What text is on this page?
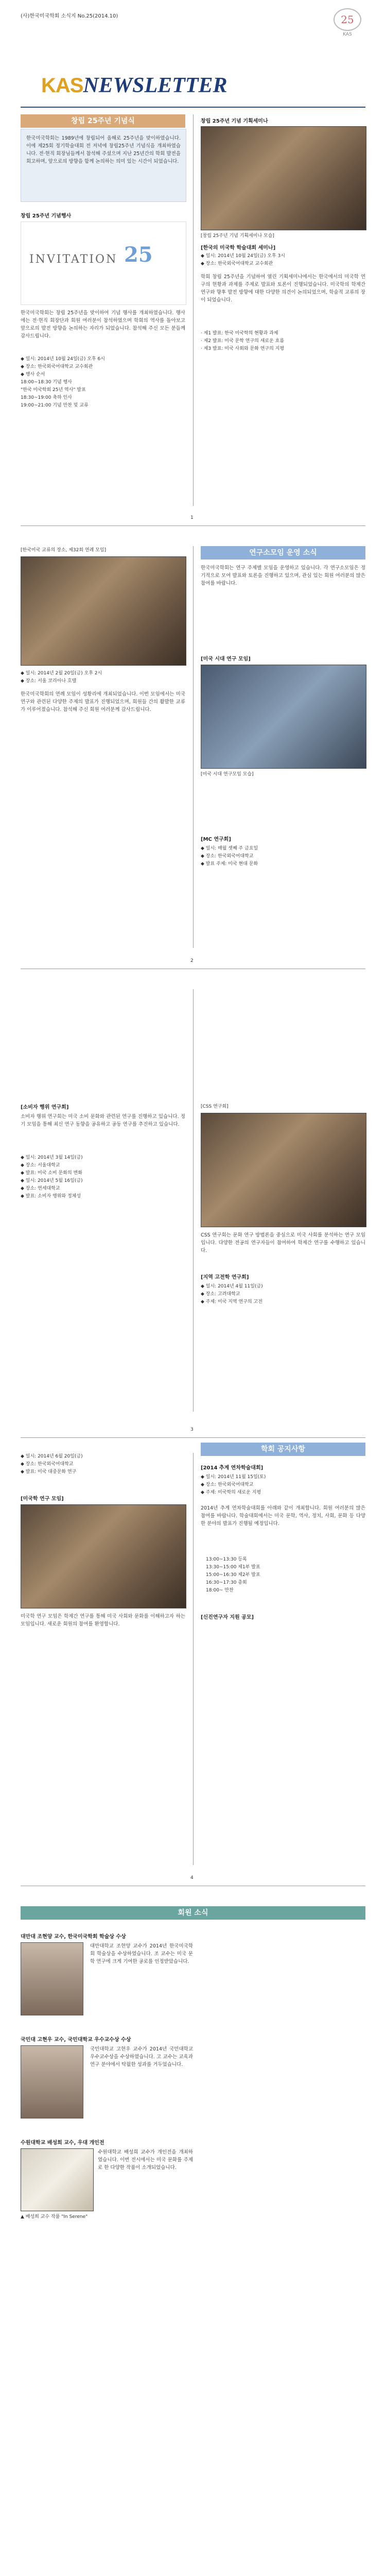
(사)한국미국학회 소식지 No.25(2014.10)	25
KAS
KAS NEWSLETTER
창립 25주년 기념식
한국미국학회는 1989년에 창립되어 올해로 25주년을 맞이하였습니다. 이에 제25회 정기학술대회 전 저녁에 창립25주년 기념식을 개최하였습니다. 전·현직 회장님들께서 참석해 주셨으며 지난 25년간의 학회 발전을 회고하며, 앞으로의 방향을 함께 논의하는 의미 있는 시간이 되었습니다.
창립 25주년 기념행사
INVITATION 25
한국미국학회는 창립 25주년을 맞이하여 기념 행사를 개최하였습니다. 행사에는 전·현직 회장단과 회원 여러분이 참석하였으며 학회의 역사를 돌아보고 앞으로의 발전 방향을 논의하는 자리가 되었습니다. 참석해 주신 모든 분들께 감사드립니다.
◆ 일시: 2014년 10월 24일(금) 오후 6시
◆ 장소: 한국외국어대학교 교수회관
◆ 행사 순서
18:00~18:30 기념 행사
"한국 미국학회 25년 역사" 발표
18:30~19:00 축하 인사
19:00~21:00 기념 만찬 및 교류
창립 25주년 기념 기획세미나
[창립 25주년 기념 기획세미나 모습]
[한국의 미국학 학술대회 세미나]
◆ 일시: 2014년 10월 24일(금) 오후 3시
◆ 장소: 한국외국어대학교 교수회관
학회 창립 25주년을 기념하여 열린 기획세미나에서는 한국에서의 미국학 연구의 현황과 과제를 주제로 발표와 토론이 진행되었습니다. 미국학의 학제간 연구와 향후 발전 방향에 대한 다양한 의견이 논의되었으며, 학술적 교류의 장이 되었습니다.
· 제1 발표: 한국 미국학의 현황과 과제
· 제2 발표: 미국 문학 연구의 새로운 흐름
· 제3 발표: 미국 사회와 문화 연구의 지평
1
[한국미국 교류의 장소, 제32회 연례 모임]
◆ 일시: 2014년 2월 20일(금) 오후 2시
◆ 장소: 서울 코리아나 호텔
한국미국학회의 연례 모임이 성황리에 개최되었습니다. 이번 모임에서는 미국 연구와 관련된 다양한 주제의 발표가 진행되었으며, 회원들 간의 활발한 교류가 이루어졌습니다. 참석해 주신 회원 여러분께 감사드립니다.
연구소모임 운영 소식
한국미국학회는 연구 주제별 모임을 운영하고 있습니다. 각 연구소모임은 정기적으로 모여 발표와 토론을 진행하고 있으며, 관심 있는 회원 여러분의 많은 참여를 바랍니다.
[미국 시대 연구 모임]
[미국 시대 연구모임 모습]
[MC 연구회]
◆ 일시: 매월 셋째 주 금요일
◆ 장소: 한국외국어대학교
◆ 발표 주제: 미국 현대 문화
2
[소비자 행위 연구회]
소비자 행위 연구회는 미국 소비 문화와 관련된 연구를 진행하고 있습니다. 정기 모임을 통해 최신 연구 동향을 공유하고 공동 연구를 추진하고 있습니다.
◆ 일시: 2014년 3월 14일(금)
◆ 장소: 서울대학교
◆ 발표: 미국 소비 문화의 변화
◆ 일시: 2014년 5월 16일(금)
◆ 장소: 연세대학교
◆ 발표: 소비자 행위와 정체성
[CSS 연구회]
CSS 연구회는 문화 연구 방법론을 중심으로 미국 사회를 분석하는 연구 모임입니다. 다양한 전공의 연구자들이 참여하여 학제간 연구를 수행하고 있습니다.
[지역 고전학 연구회]
◆ 일시: 2014년 4월 11일(금)
◆ 장소: 고려대학교
◆ 주제: 미국 지역 연구의 고전
3
◆ 일시: 2014년 6월 20일(금)
◆ 장소: 한국외국어대학교
◆ 발표: 미국 대중문화 연구
[미국학 연구 모임]
미국학 연구 모임은 학제간 연구를 통해 미국 사회와 문화를 이해하고자 하는 모임입니다. 새로운 회원의 참여를 환영합니다.
학회 공지사항
[2014 추계 연차학술대회]
◆ 일시: 2014년 11월 15일(토)
◆ 장소: 한국외국어대학교
◆ 주제: 미국학의 새로운 지평
2014년 추계 연차학술대회를 아래와 같이 개최합니다. 회원 여러분의 많은 참여를 바랍니다. 학술대회에서는 미국 문학, 역사, 정치, 사회, 문화 등 다양한 분야의 발표가 진행될 예정입니다.
13:00~13:30 등록
13:30~15:00 제1부 발표
15:00~16:30 제2부 발표
16:30~17:30 총회
18:00~ 만찬
[신진연구자 지원 공모]
4
회원 소식
대만대 조현양 교수, 한국미국학회 학술상 수상
대만대학교 조현양 교수가 2014년 한국미국학회 학술상을 수상하였습니다. 조 교수는 미국 문학 연구에 크게 기여한 공로를 인정받았습니다.
국민대 고현우 교수, 국민대학교 우수교수상 수상
국민대학교 고현우 교수가 2014년 국민대학교 우수교수상을 수상하였습니다. 고 교수는 교육과 연구 분야에서 탁월한 성과를 거두었습니다.
수원대학교 배성희 교수, 우대 개인전
▲ 배성희 교수 작품 "In Serene"
수원대학교 배성희 교수가 개인전을 개최하였습니다. 이번 전시에서는 미국 문화를 주제로 한 다양한 작품이 소개되었습니다.
